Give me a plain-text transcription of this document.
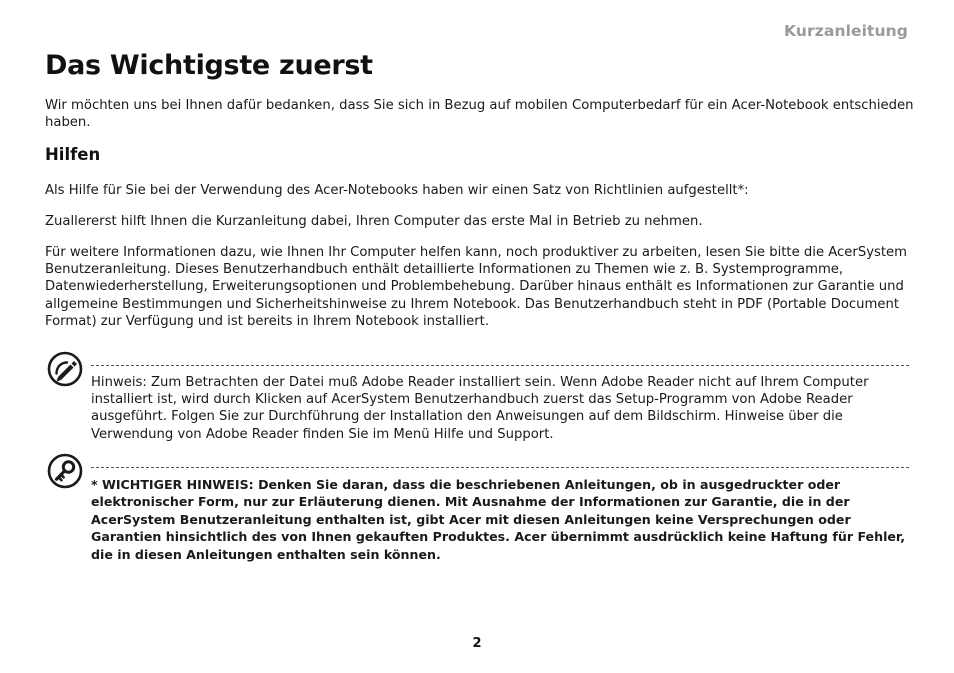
Kurzanleitung
Das Wichtigste zuerst

Wir möchten uns bei Ihnen dafür bedanken, dass Sie sich in Bezug auf mobilen Computerbedarf für ein Acer-Notebook entschieden haben.

Hilfen

Als Hilfe für Sie bei der Verwendung des Acer-Notebooks haben wir einen Satz von Richtlinien aufgestellt*:

Zuallererst hilft Ihnen die Kurzanleitung dabei, Ihren Computer das erste Mal in Betrieb zu nehmen.

Für weitere Informationen dazu, wie Ihnen Ihr Computer helfen kann, noch produktiver zu arbeiten, lesen Sie bitte die AcerSystem Benutzeranleitung. Dieses Benutzerhandbuch enthält detaillierte Informationen zu Themen wie z. B. Systemprogramme, Datenwiederherstellung, Erweiterungsoptionen und Problembehebung. Darüber hinaus enthält es Informationen zur Garantie und allgemeine Bestimmungen und Sicherheitshinweise zu Ihrem Notebook. Das Benutzerhandbuch steht in PDF (Portable Document Format) zur Verfügung und ist bereits in Ihrem Notebook installiert.

Hinweis: Zum Betrachten der Datei muß Adobe Reader installiert sein. Wenn Adobe Reader nicht auf Ihrem Computer installiert ist, wird durch Klicken auf AcerSystem Benutzerhandbuch zuerst das Setup-Programm von Adobe Reader ausgeführt. Folgen Sie zur Durchführung der Installation den Anweisungen auf dem Bildschirm. Hinweise über die Verwendung von Adobe Reader finden Sie im Menü Hilfe und Support.

* WICHTIGER HINWEIS: Denken Sie daran, dass die beschriebenen Anleitungen, ob in ausgedruckter oder elektronischer Form, nur zur Erläuterung dienen. Mit Ausnahme der Informationen zur Garantie, die in der AcerSystem Benutzeranleitung enthalten ist, gibt Acer mit diesen Anleitungen keine Versprechungen oder Garantien hinsichtlich des von Ihnen gekauften Produktes. Acer übernimmt ausdrücklich keine Haftung für Fehler, die in diesen Anleitungen enthalten sein können.

2
